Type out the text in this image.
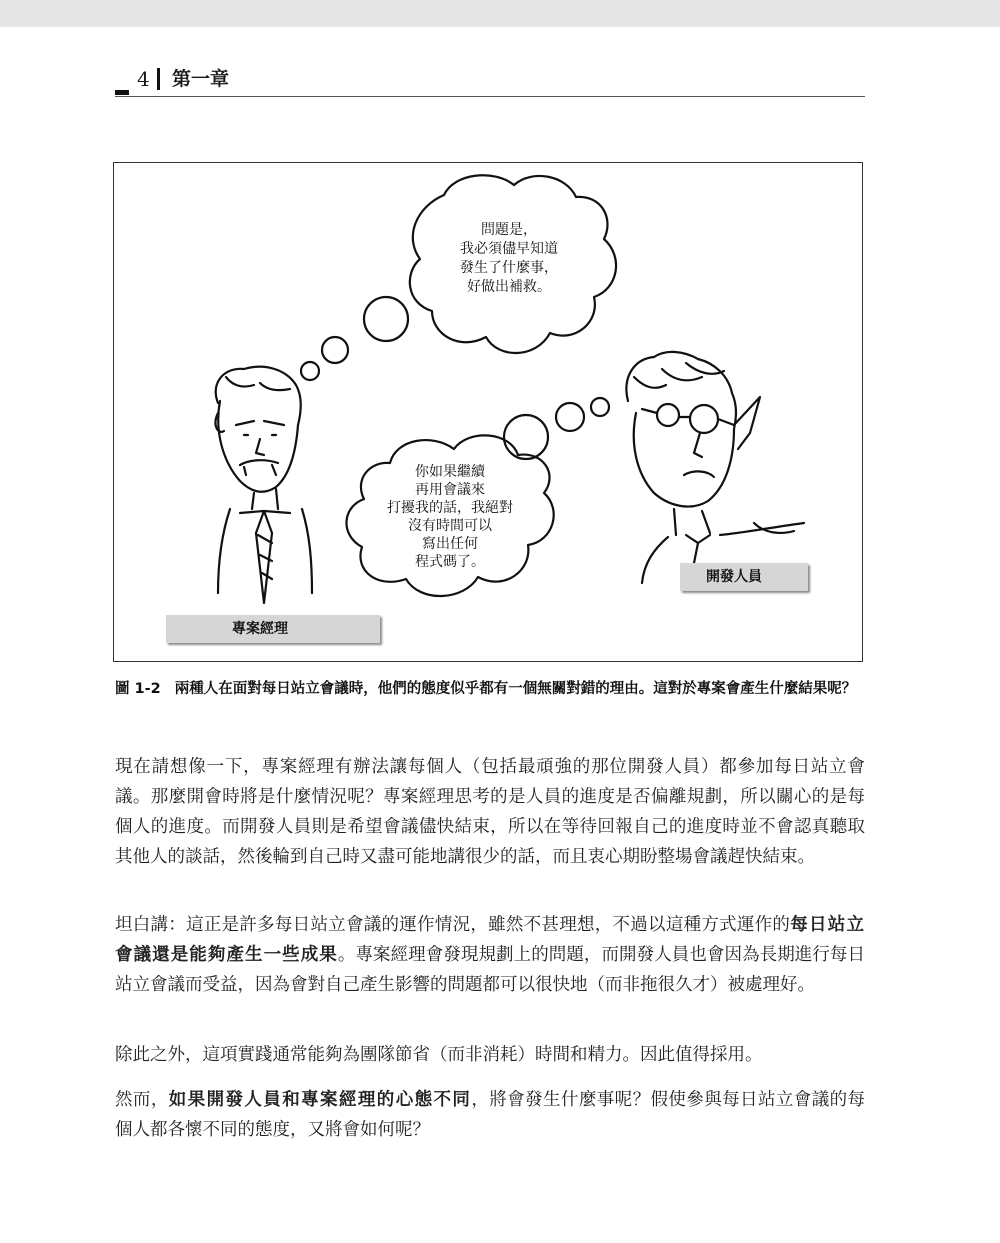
4 第一章
問題是，
我必須儘早知道
發生了什麼事，
好做出補救。
你如果繼續
再用會議來
打擾我的話，我絕對
沒有時間可以
寫出任何
程式碼了。
專案經理
開發人員
圖 1-2 兩種人在面對每日站立會議時，他們的態度似乎都有一個無關對錯的理由。這對於專案會產生什麼結果呢？

現在請想像一下，專案經理有辦法讓每個人（包括最頑強的那位開發人員）都參加每日站立會議。那麼開會時將是什麼情況呢？專案經理思考的是人員的進度是否偏離規劃，所以關心的是每個人的進度。而開發人員則是希望會議儘快結束，所以在等待回報自己的進度時並不會認真聽取其他人的談話，然後輪到自己時又盡可能地講很少的話，而且衷心期盼整場會議趕快結束。

坦白講：這正是許多每日站立會議的運作情況，雖然不甚理想，不過以這種方式運作的每日站立會議還是能夠產生一些成果。專案經理會發現規劃上的問題，而開發人員也會因為長期進行每日站立會議而受益，因為會對自己產生影響的問題都可以很快地（而非拖很久才）被處理好。

除此之外，這項實踐通常能夠為團隊節省（而非消耗）時間和精力。因此值得採用。

然而，如果開發人員和專案經理的心態不同，將會發生什麼事呢？假使參與每日站立會議的每個人都各懷不同的態度，又將會如何呢？
